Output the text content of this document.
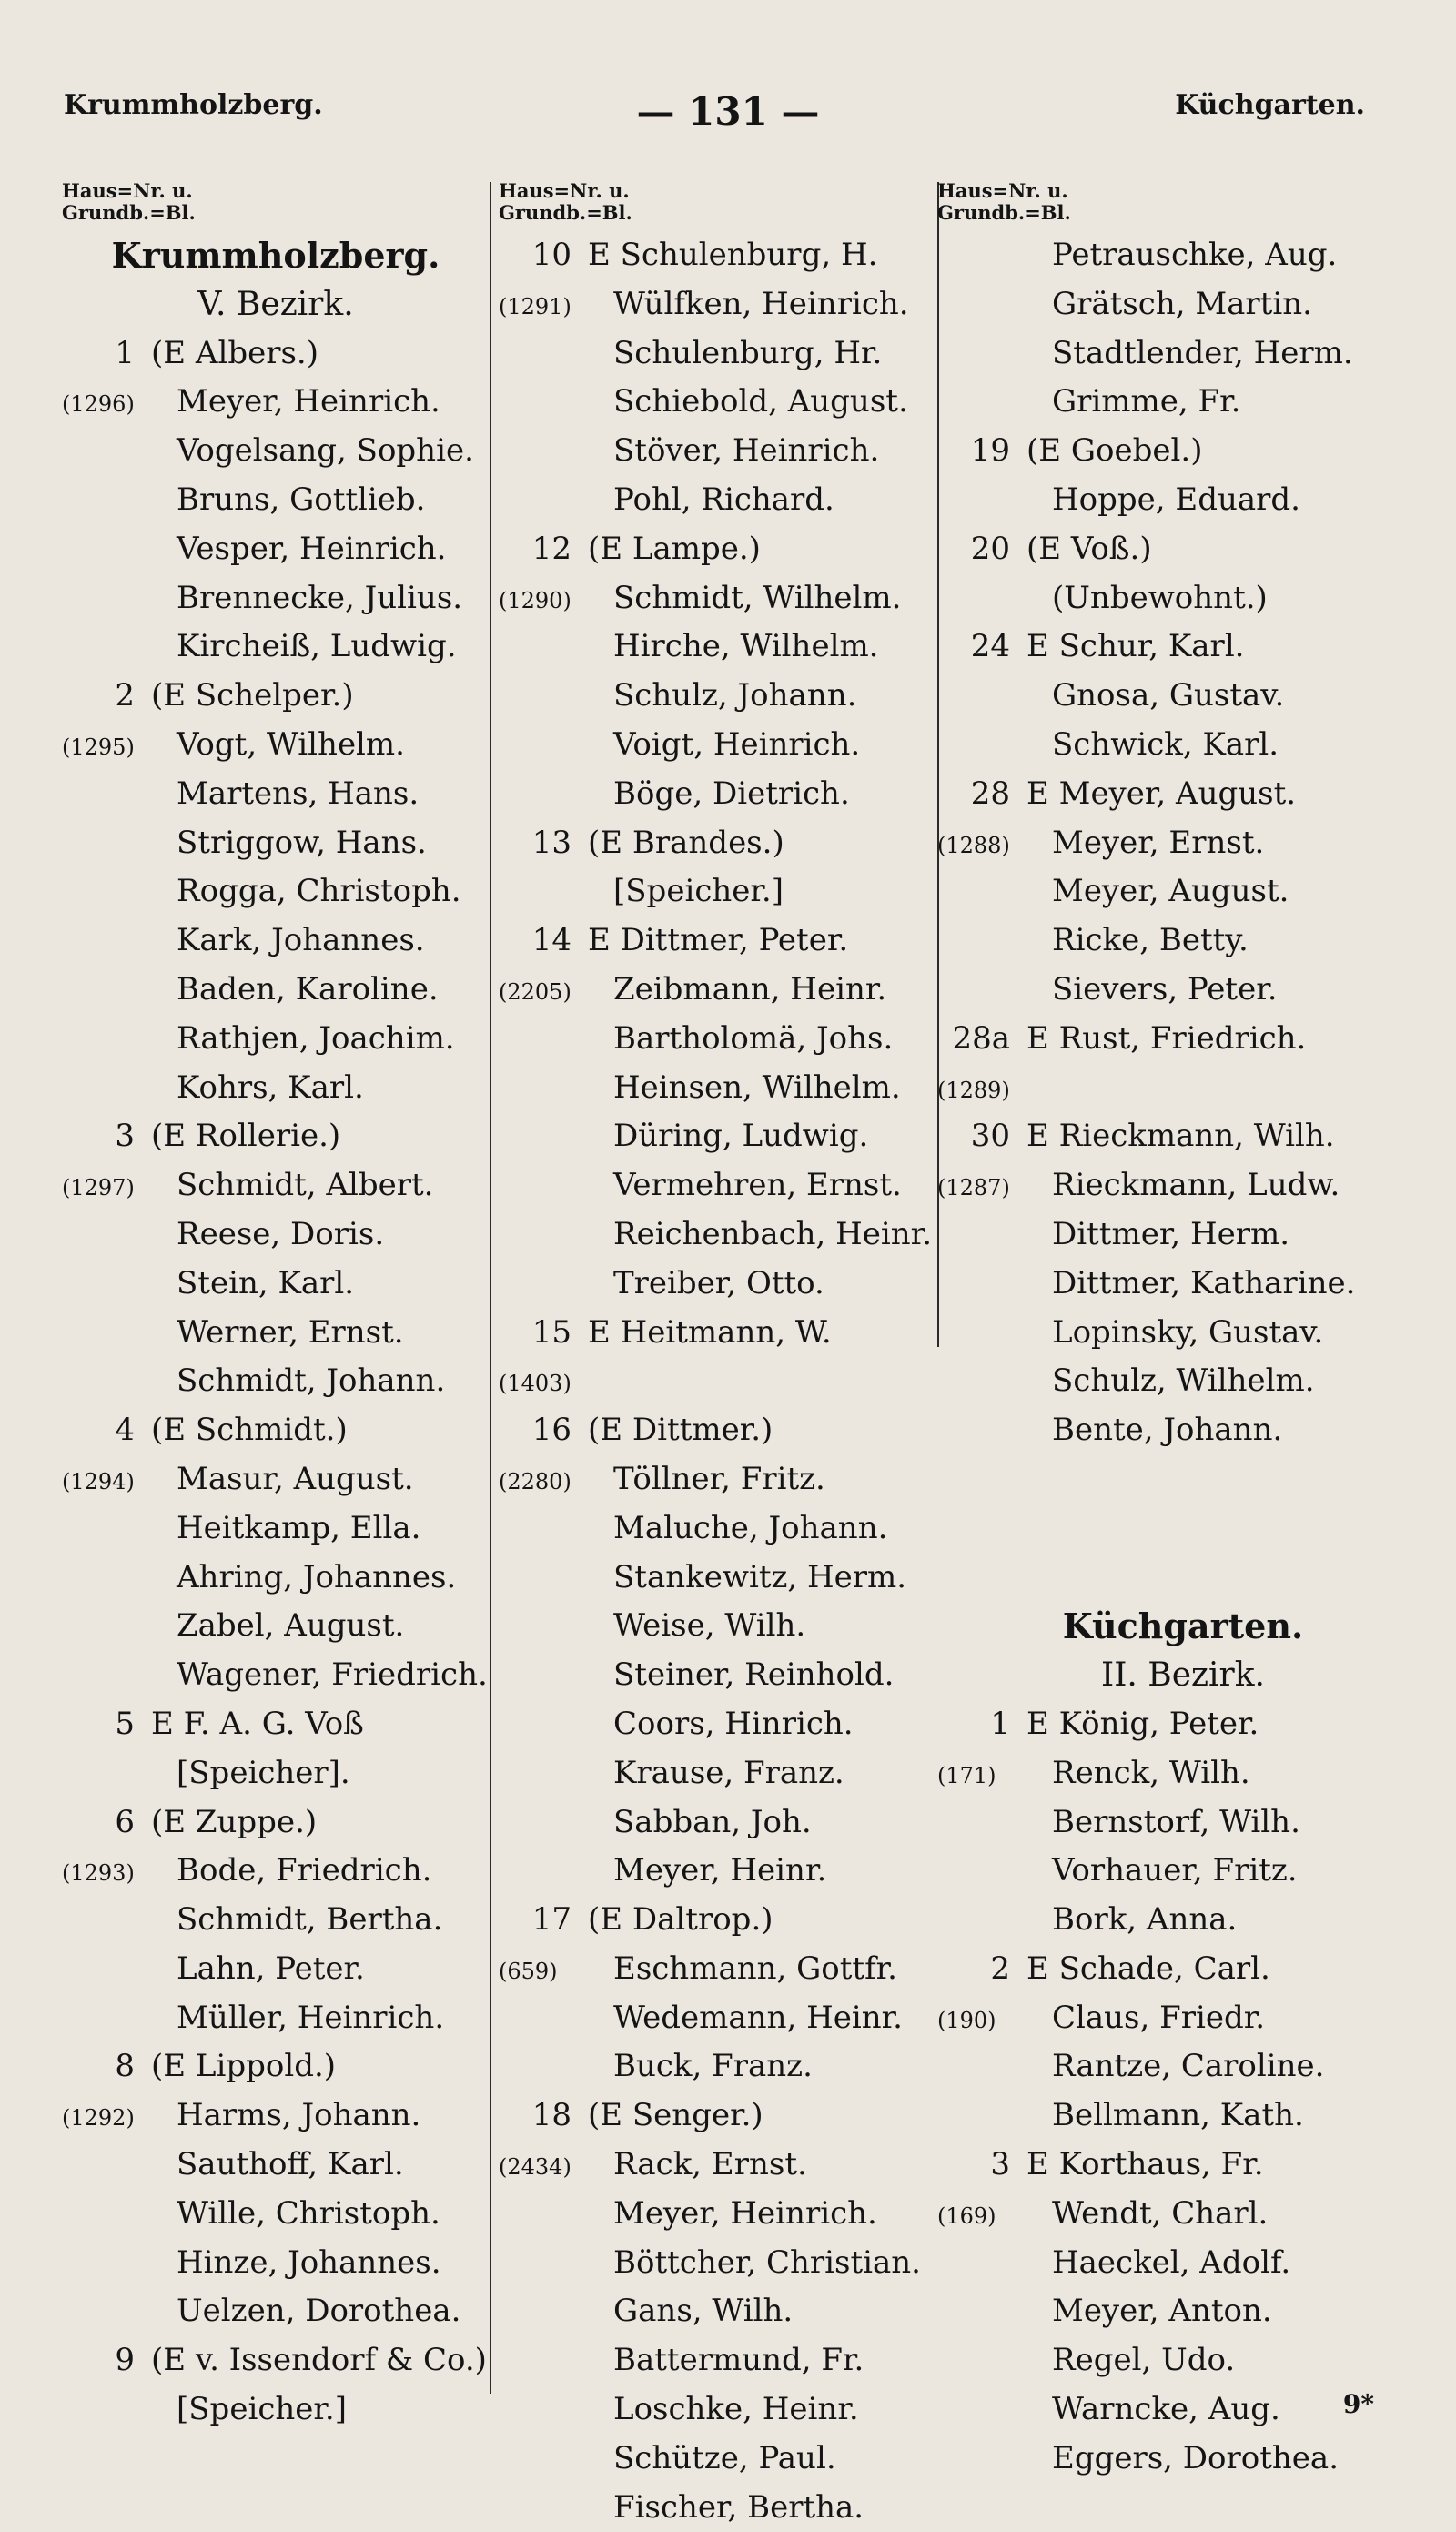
Krummholzberg.	— 131 —	Küchgarten.
Haus=Nr. u.
Grundb.=Bl.
Krummholzberg.
V. Bezirk.
1 (E Albers.)
(1296) Meyer, Heinrich.
Vogelsang, Sophie.
Bruns, Gottlieb.
Vesper, Heinrich.
Brennecke, Julius.
Kircheiß, Ludwig.
2 (E Schelper.)
(1295) Vogt, Wilhelm.
Martens, Hans.
Striggow, Hans.
Rogga, Christoph.
Kark, Johannes.
Baden, Karoline.
Rathjen, Joachim.
Kohrs, Karl.
3 (E Rollerie.)
(1297) Schmidt, Albert.
Reese, Doris.
Stein, Karl.
Werner, Ernst.
Schmidt, Johann.
4 (E Schmidt.)
(1294) Masur, August.
Heitkamp, Ella.
Ahring, Johannes.
Zabel, August.
Wagener, Friedrich.
5 E F. A. G. Voß
[Speicher].
6 (E Zuppe.)
(1293) Bode, Friedrich.
Schmidt, Bertha.
Lahn, Peter.
Müller, Heinrich.
8 (E Lippold.)
(1292) Harms, Johann.
Sauthoff, Karl.
Wille, Christoph.
Hinze, Johannes.
Uelzen, Dorothea.
9 (E v. Issendorf & Co.)
[Speicher.]
Haus=Nr. u.
Grundb.=Bl.
10 E Schulenburg, H.
(1291) Wülfken, Heinrich.
Schulenburg, Hr.
Schiebold, August.
Stöver, Heinrich.
Pohl, Richard.
12 (E Lampe.)
(1290) Schmidt, Wilhelm.
Hirche, Wilhelm.
Schulz, Johann.
Voigt, Heinrich.
Böge, Dietrich.
13 (E Brandes.)
[Speicher.]
14 E Dittmer, Peter.
(2205) Zeibmann, Heinr.
Bartholomä, Johs.
Heinsen, Wilhelm.
Düring, Ludwig.
Vermehren, Ernst.
Reichenbach, Heinr.
Treiber, Otto.
15 E Heitmann, W.
(1403)
16 (E Dittmer.)
(2280) Töllner, Fritz.
Maluche, Johann.
Stankewitz, Herm.
Weise, Wilh.
Steiner, Reinhold.
Coors, Hinrich.
Krause, Franz.
Sabban, Joh.
Meyer, Heinr.
17 (E Daltrop.)
(659) Eschmann, Gottfr.
Wedemann, Heinr.
Buck, Franz.
18 (E Senger.)
(2434) Rack, Ernst.
Meyer, Heinrich.
Böttcher, Christian.
Gans, Wilh.
Battermund, Fr.
Loschke, Heinr.
Schütze, Paul.
Fischer, Bertha.
Haus=Nr. u.
Grundb.=Bl.
Petrauschke, Aug.
Grätsch, Martin.
Stadtlender, Herm.
Grimme, Fr.
19 (E Goebel.)
Hoppe, Eduard.
20 (E Voß.)
(Unbewohnt.)
24 E Schur, Karl.
Gnosa, Gustav.
Schwick, Karl.
28 E Meyer, August.
(1288) Meyer, Ernst.
Meyer, August.
Ricke, Betty.
Sievers, Peter.
28a E Rust, Friedrich.
(1289)
30 E Rieckmann, Wilh.
(1287) Rieckmann, Ludw.
Dittmer, Herm.
Dittmer, Katharine.
Lopinsky, Gustav.
Schulz, Wilhelm.
Bente, Johann.
Küchgarten.
II. Bezirk.
1 E König, Peter.
(171) Renck, Wilh.
Bernstorf, Wilh.
Vorhauer, Fritz.
Bork, Anna.
2 E Schade, Carl.
(190) Claus, Friedr.
Rantze, Caroline.
Bellmann, Kath.
3 E Korthaus, Fr.
(169) Wendt, Charl.
Haeckel, Adolf.
Meyer, Anton.
Regel, Udo.
Warncke, Aug.
Eggers, Dorothea.
9*
